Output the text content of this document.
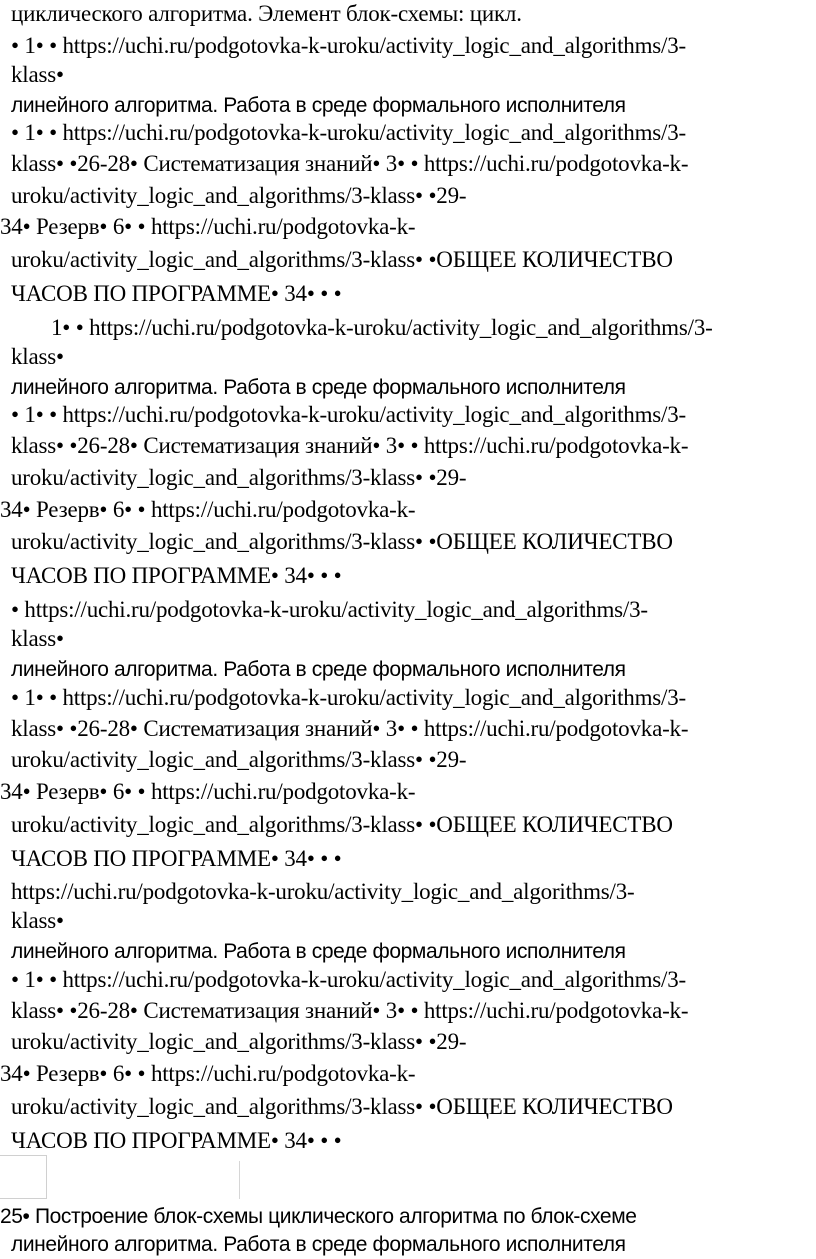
циклического алгоритма. Элемент блок-схемы: цикл.
• 1• • https://uchi.ru/podgotovka-k-uroku/activity_logic_and_algorithms/3-
klass•
линейного алгоритма. Работа в среде формального исполнителя
• 1• • https://uchi.ru/podgotovka-k-uroku/activity_logic_and_algorithms/3-
klass• •26-28• Систематизация знаний• 3• • https://uchi.ru/podgotovka-k-
uroku/activity_logic_and_algorithms/3-klass• •29-
34• Резерв• 6• • https://uchi.ru/podgotovka-k-
uroku/activity_logic_and_algorithms/3-klass• •ОБЩЕЕ КОЛИЧЕСТВО
ЧАСОВ ПО ПРОГРАММЕ• 34• • •
1• • https://uchi.ru/podgotovka-k-uroku/activity_logic_and_algorithms/3-
klass•
линейного алгоритма. Работа в среде формального исполнителя
• 1• • https://uchi.ru/podgotovka-k-uroku/activity_logic_and_algorithms/3-
klass• •26-28• Систематизация знаний• 3• • https://uchi.ru/podgotovka-k-
uroku/activity_logic_and_algorithms/3-klass• •29-
34• Резерв• 6• • https://uchi.ru/podgotovka-k-
uroku/activity_logic_and_algorithms/3-klass• •ОБЩЕЕ КОЛИЧЕСТВО
ЧАСОВ ПО ПРОГРАММЕ• 34• • •
• https://uchi.ru/podgotovka-k-uroku/activity_logic_and_algorithms/3-
klass•
линейного алгоритма. Работа в среде формального исполнителя
• 1• • https://uchi.ru/podgotovka-k-uroku/activity_logic_and_algorithms/3-
klass• •26-28• Систематизация знаний• 3• • https://uchi.ru/podgotovka-k-
uroku/activity_logic_and_algorithms/3-klass• •29-
34• Резерв• 6• • https://uchi.ru/podgotovka-k-
uroku/activity_logic_and_algorithms/3-klass• •ОБЩЕЕ КОЛИЧЕСТВО
ЧАСОВ ПО ПРОГРАММЕ• 34• • •
https://uchi.ru/podgotovka-k-uroku/activity_logic_and_algorithms/3-
klass•
линейного алгоритма. Работа в среде формального исполнителя
• 1• • https://uchi.ru/podgotovka-k-uroku/activity_logic_and_algorithms/3-
klass• •26-28• Систематизация знаний• 3• • https://uchi.ru/podgotovka-k-
uroku/activity_logic_and_algorithms/3-klass• •29-
34• Резерв• 6• • https://uchi.ru/podgotovka-k-
uroku/activity_logic_and_algorithms/3-klass• •ОБЩЕЕ КОЛИЧЕСТВО
ЧАСОВ ПО ПРОГРАММЕ• 34• • •
25• Построение блок-схемы циклического алгоритма по блок-схеме
линейного алгоритма. Работа в среде формального исполнителя
